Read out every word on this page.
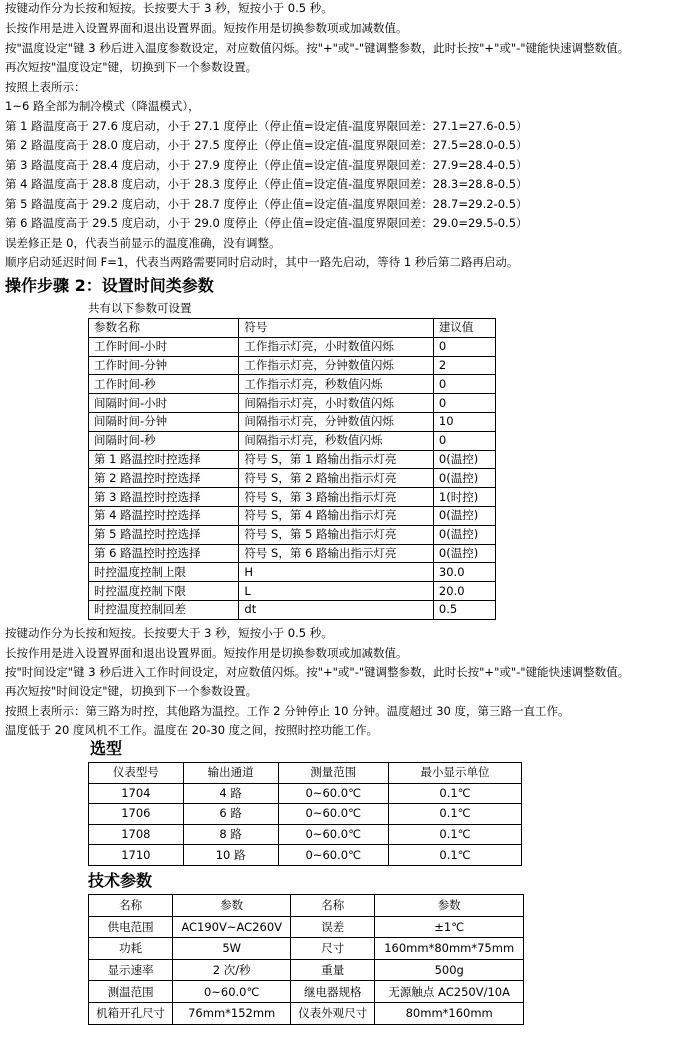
按键动作分为长按和短按。长按要大于 3 秒，短按小于 0.5 秒。
长按作用是进入设置界面和退出设置界面。短按作用是切换参数项或加减数值。
按"温度设定"键 3 秒后进入温度参数设定，对应数值闪烁。按"+"或"-"键调整参数，此时长按"+"或"-"键能快速调整数值。
再次短按"温度设定"键，切换到下一个参数设置。
按照上表所示：
1~6 路全部为制冷模式（降温模式），
第 1 路温度高于 27.6 度启动，小于 27.1 度停止（停止值=设定值-温度界限回差：27.1=27.6-0.5）
第 2 路温度高于 28.0 度启动，小于 27.5 度停止（停止值=设定值-温度界限回差：27.5=28.0-0.5）
第 3 路温度高于 28.4 度启动，小于 27.9 度停止（停止值=设定值-温度界限回差：27.9=28.4-0.5）
第 4 路温度高于 28.8 度启动，小于 28.3 度停止（停止值=设定值-温度界限回差：28.3=28.8-0.5）
第 5 路温度高于 29.2 度启动，小于 28.7 度停止（停止值=设定值-温度界限回差：28.7=29.2-0.5）
第 6 路温度高于 29.5 度启动，小于 29.0 度停止（停止值=设定值-温度界限回差：29.0=29.5-0.5）
误差修正是 0，代表当前显示的温度准确，没有调整。
顺序启动延迟时间 F=1，代表当两路需要同时启动时，其中一路先启动，等待 1 秒后第二路再启动。
操作步骤 2：设置时间类参数
共有以下参数可设置
参数名称	符号	建议值
工作时间-小时	工作指示灯亮，小时数值闪烁	0
工作时间-分钟	工作指示灯亮，分钟数值闪烁	2
工作时间-秒	工作指示灯亮，秒数值闪烁	0
间隔时间-小时	间隔指示灯亮，小时数值闪烁	0
间隔时间-分钟	间隔指示灯亮，分钟数值闪烁	10
间隔时间-秒	间隔指示灯亮，秒数值闪烁	0
第 1 路温控时控选择	符号 S，第 1 路输出指示灯亮	0(温控)
第 2 路温控时控选择	符号 S，第 2 路输出指示灯亮	0(温控)
第 3 路温控时控选择	符号 S，第 3 路输出指示灯亮	1(时控)
第 4 路温控时控选择	符号 S，第 4 路输出指示灯亮	0(温控)
第 5 路温控时控选择	符号 S，第 5 路输出指示灯亮	0(温控)
第 6 路温控时控选择	符号 S，第 6 路输出指示灯亮	0(温控)
时控温度控制上限	H	30.0
时控温度控制下限	L	20.0
时控温度控制回差	dt	0.5
按键动作分为长按和短按。长按要大于 3 秒，短按小于 0.5 秒。
长按作用是进入设置界面和退出设置界面。短按作用是切换参数项或加减数值。
按"时间设定"键 3 秒后进入工作时间设定，对应数值闪烁。按"+"或"-"键调整参数，此时长按"+"或"-"键能快速调整数值。
再次短按"时间设定"键，切换到下一个参数设置。
按照上表所示：第三路为时控，其他路为温控。工作 2 分钟停止 10 分钟。温度超过 30 度，第三路一直工作。
温度低于 20 度风机不工作。温度在 20-30 度之间，按照时控功能工作。
选型
仪表型号	输出通道	测量范围	最小显示单位
1704	4 路	0~60.0℃	0.1℃
1706	6 路	0~60.0℃	0.1℃
1708	8 路	0~60.0℃	0.1℃
1710	10 路	0~60.0℃	0.1℃
技术参数
名称	参数	名称	参数
供电范围	AC190V~AC260V	误差	±1℃
功耗	5W	尺寸	160mm*80mm*75mm
显示速率	2 次/秒	重量	500g
测温范围	0~60.0℃	继电器规格	无源触点 AC250V/10A
机箱开孔尺寸	76mm*152mm	仪表外观尺寸	80mm*160mm
